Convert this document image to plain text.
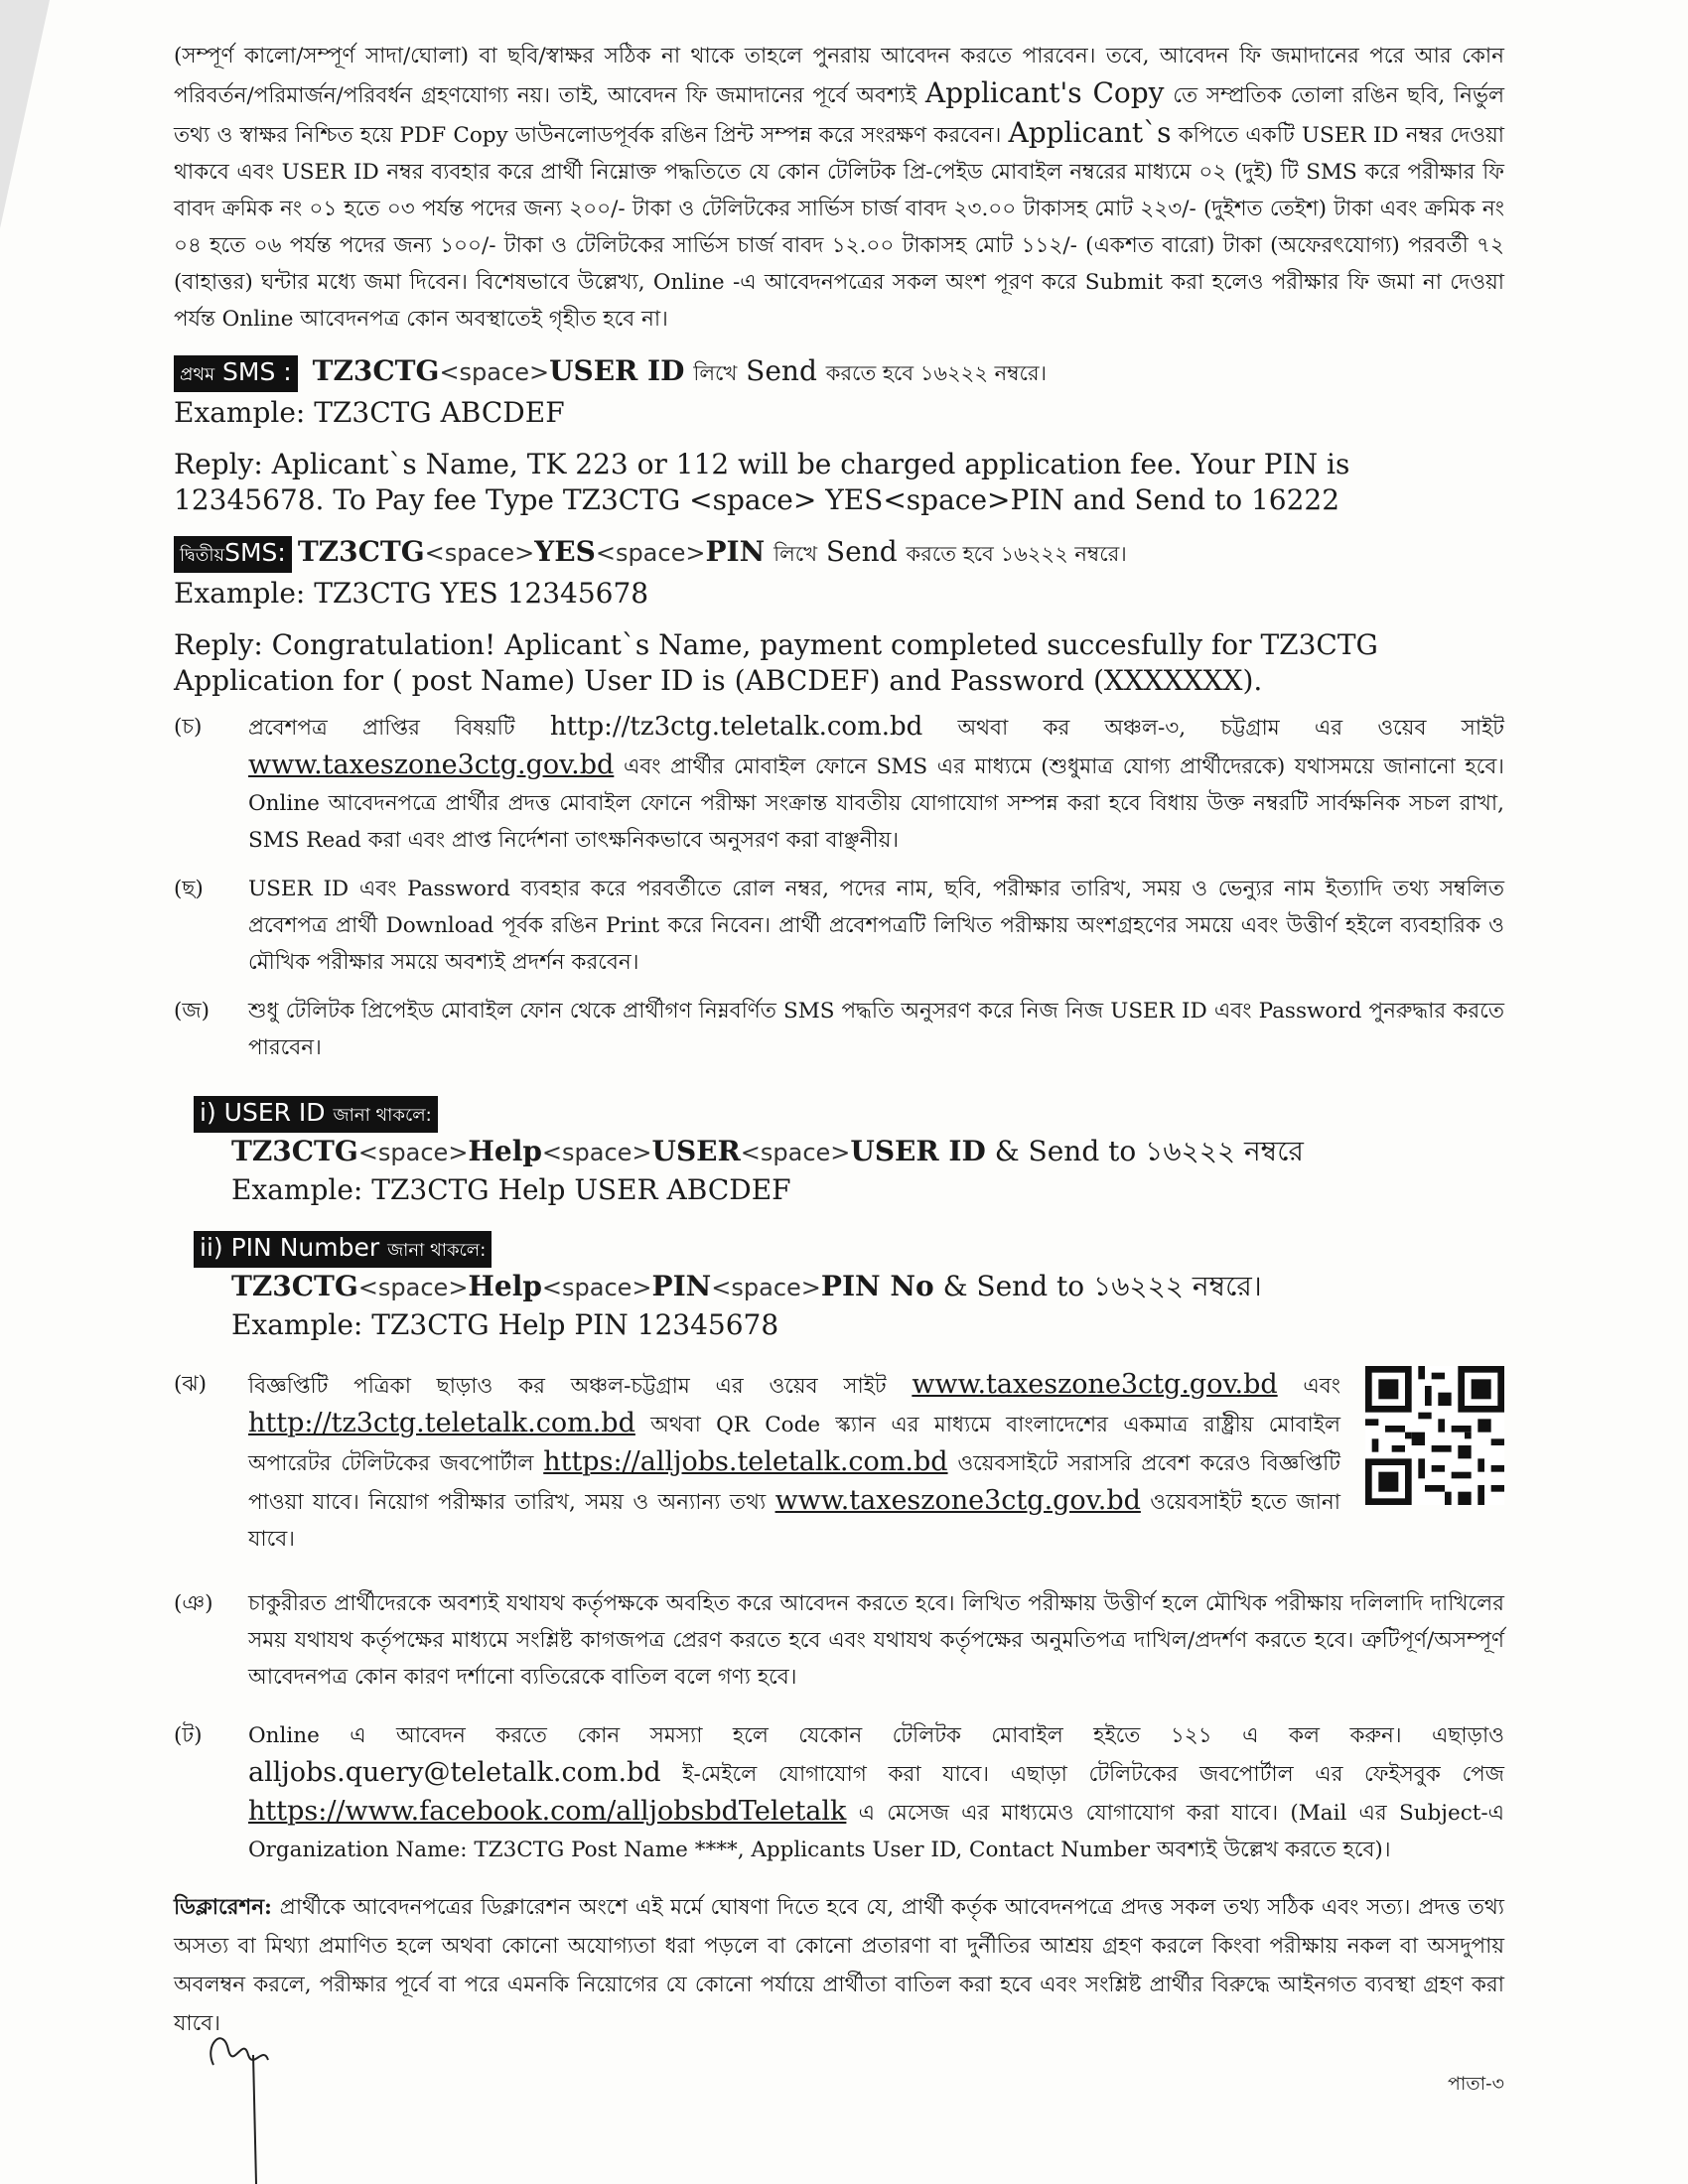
(সম্পূর্ণ কালো/সম্পূর্ণ সাদা/ঘোলা) বা ছবি/স্বাক্ষর সঠিক না থাকে তাহলে পুনরায় আবেদন করতে পারবেন। তবে, আবেদন ফি জমাদানের পরে আর কোন পরিবর্তন/পরিমার্জন/পরিবর্ধন গ্রহণযোগ্য নয়। তাই, আবেদন ফি জমাদানের পূর্বে অবশ্যই Applicant's Copy তে সম্প্রতিক তোলা রঙিন ছবি, নির্ভুল তথ্য ও স্বাক্ষর নিশ্চিত হয়ে PDF Copy ডাউনলোডপূর্বক রঙিন প্রিন্ট সম্পন্ন করে সংরক্ষণ করবেন। Applicant`s কপিতে একটি USER ID নম্বর দেওয়া থাকবে এবং USER ID নম্বর ব্যবহার করে প্রার্থী নিম্নোক্ত পদ্ধতিতে যে কোন টেলিটক প্রি-পেইড মোবাইল নম্বরের মাধ্যমে ০২ (দুই) টি SMS করে পরীক্ষার ফি বাবদ ক্রমিক নং ০১ হতে ০৩ পর্যন্ত পদের জন্য ২০০/- টাকা ও টেলিটকের সার্ভিস চার্জ বাবদ ২৩.০০ টাকাসহ মোট ২২৩/- (দুইশত তেইশ) টাকা এবং ক্রমিক নং ০৪ হতে ০৬ পর্যন্ত পদের জন্য ১০০/- টাকা ও টেলিটকের সার্ভিস চার্জ বাবদ ১২.০০ টাকাসহ মোট ১১২/- (একশত বারো) টাকা (অফেরৎযোগ্য) পরবর্তী ৭২ (বাহাত্তর) ঘন্টার মধ্যে জমা দিবেন। বিশেষভাবে উল্লেখ্য, Online -এ আবেদনপত্রের সকল অংশ পূরণ করে Submit করা হলেও পরীক্ষার ফি জমা না দেওয়া পর্যন্ত Online আবেদনপত্র কোন অবস্থাতেই গৃহীত হবে না।

প্রথম SMS : TZ3CTG<space>USER ID লিখে Send করতে হবে ১৬২২২ নম্বরে।
Example: TZ3CTG ABCDEF

Reply: Aplicant`s Name, TK 223 or 112 will be charged application fee. Your PIN is 12345678. To Pay fee Type TZ3CTG <space> YES<space>PIN and Send to 16222

দ্বিতীয়SMS: TZ3CTG<space>YES<space>PIN লিখে Send করতে হবে ১৬২২২ নম্বরে।
Example: TZ3CTG YES 12345678

Reply: Congratulation! Aplicant`s Name, payment completed succesfully for TZ3CTG Application for ( post Name) User ID is (ABCDEF) and Password (XXXXXXX).

(চ) প্রবেশপত্র প্রাপ্তির বিষয়টি http://tz3ctg.teletalk.com.bd অথবা কর অঞ্চল-৩, চট্টগ্রাম এর ওয়েব সাইট www.taxeszone3ctg.gov.bd এবং প্রার্থীর মোবাইল ফোনে SMS এর মাধ্যমে (শুধুমাত্র যোগ্য প্রার্থীদেরকে) যথাসময়ে জানানো হবে। Online আবেদনপত্রে প্রার্থীর প্রদত্ত মোবাইল ফোনে পরীক্ষা সংক্রান্ত যাবতীয় যোগাযোগ সম্পন্ন করা হবে বিধায় উক্ত নম্বরটি সার্বক্ষনিক সচল রাখা, SMS Read করা এবং প্রাপ্ত নির্দেশনা তাৎক্ষনিকভাবে অনুসরণ করা বাঞ্ছনীয়।

(ছ) USER ID এবং Password ব্যবহার করে পরবর্তীতে রোল নম্বর, পদের নাম, ছবি, পরীক্ষার তারিখ, সময় ও ভেন্যুর নাম ইত্যাদি তথ্য সম্বলিত প্রবেশপত্র প্রার্থী Download পূর্বক রঙিন Print করে নিবেন। প্রার্থী প্রবেশপত্রটি লিখিত পরীক্ষায় অংশগ্রহণের সময়ে এবং উত্তীর্ণ হইলে ব্যবহারিক ও মৌখিক পরীক্ষার সময়ে অবশ্যই প্রদর্শন করবেন।

(জ) শুধু টেলিটক প্রিপেইড মোবাইল ফোন থেকে প্রার্থীগণ নিম্নবর্ণিত SMS পদ্ধতি অনুসরণ করে নিজ নিজ USER ID এবং Password পুনরুদ্ধার করতে পারবেন।

i) USER ID জানা থাকলে:
TZ3CTG<space>Help<space>USER<space>USER ID & Send to ১৬২২২ নম্বরে
Example: TZ3CTG Help USER ABCDEF
ii) PIN Number জানা থাকলে:
TZ3CTG<space>Help<space>PIN<space>PIN No & Send to ১৬২২২ নম্বরে।
Example: TZ3CTG Help PIN 12345678
(ঝ) বিজ্ঞপ্তিটি পত্রিকা ছাড়াও কর অঞ্চল-চট্টগ্রাম এর ওয়েব সাইট www.taxeszone3ctg.gov.bd এবং http://tz3ctg.teletalk.com.bd অথবা QR Code স্ক্যান এর মাধ্যমে বাংলাদেশের একমাত্র রাষ্ট্রীয় মোবাইল অপারেটর টেলিটকের জবপোর্টাল https://alljobs.teletalk.com.bd ওয়েবসাইটে সরাসরি প্রবেশ করেও বিজ্ঞপ্তিটি পাওয়া যাবে। নিয়োগ পরীক্ষার তারিখ, সময় ও অন্যান্য তথ্য www.taxeszone3ctg.gov.bd ওয়েবসাইট হতে জানা যাবে।

(ঞ) চাকুরীরত প্রার্থীদেরকে অবশ্যই যথাযথ কর্তৃপক্ষকে অবহিত করে আবেদন করতে হবে। লিখিত পরীক্ষায় উত্তীর্ণ হলে মৌখিক পরীক্ষায় দলিলাদি দাখিলের সময় যথাযথ কর্তৃপক্ষের মাধ্যমে সংশ্লিষ্ট কাগজপত্র প্রেরণ করতে হবে এবং যথাযথ কর্তৃপক্ষের অনুমতিপত্র দাখিল/প্রদর্শণ করতে হবে। ত্রুটিপূর্ণ/অসম্পূর্ণ আবেদনপত্র কোন কারণ দর্শানো ব্যতিরেকে বাতিল বলে গণ্য হবে।

(ট) Online এ আবেদন করতে কোন সমস্যা হলে যেকোন টেলিটক মোবাইল হইতে ১২১ এ কল করুন। এছাড়াও alljobs.query@teletalk.com.bd ই-মেইলে যোগাযোগ করা যাবে। এছাড়া টেলিটকের জবপোর্টাল এর ফেইসবুক পেজ https://www.facebook.com/alljobsbdTeletalk এ মেসেজ এর মাধ্যমেও যোগাযোগ করা যাবে। (Mail এর Subject-এ Organization Name: TZ3CTG Post Name ****, Applicants User ID, Contact Number অবশ্যই উল্লেখ করতে হবে)।

ডিক্লারেশন: প্রার্থীকে আবেদনপত্রের ডিক্লারেশন অংশে এই মর্মে ঘোষণা দিতে হবে যে, প্রার্থী কর্তৃক আবেদনপত্রে প্রদত্ত সকল তথ্য সঠিক এবং সত্য। প্রদত্ত তথ্য অসত্য বা মিথ্যা প্রমাণিত হলে অথবা কোনো অযোগ্যতা ধরা পড়লে বা কোনো প্রতারণা বা দুর্নীতির আশ্রয় গ্রহণ করলে কিংবা পরীক্ষায় নকল বা অসদুপায় অবলম্বন করলে, পরীক্ষার পূর্বে বা পরে এমনকি নিয়োগের যে কোনো পর্যায়ে প্রার্থীতা বাতিল করা হবে এবং সংশ্লিষ্ট প্রার্থীর বিরুদ্ধে আইনগত ব্যবস্থা গ্রহণ করা যাবে।

পাতা-৩
